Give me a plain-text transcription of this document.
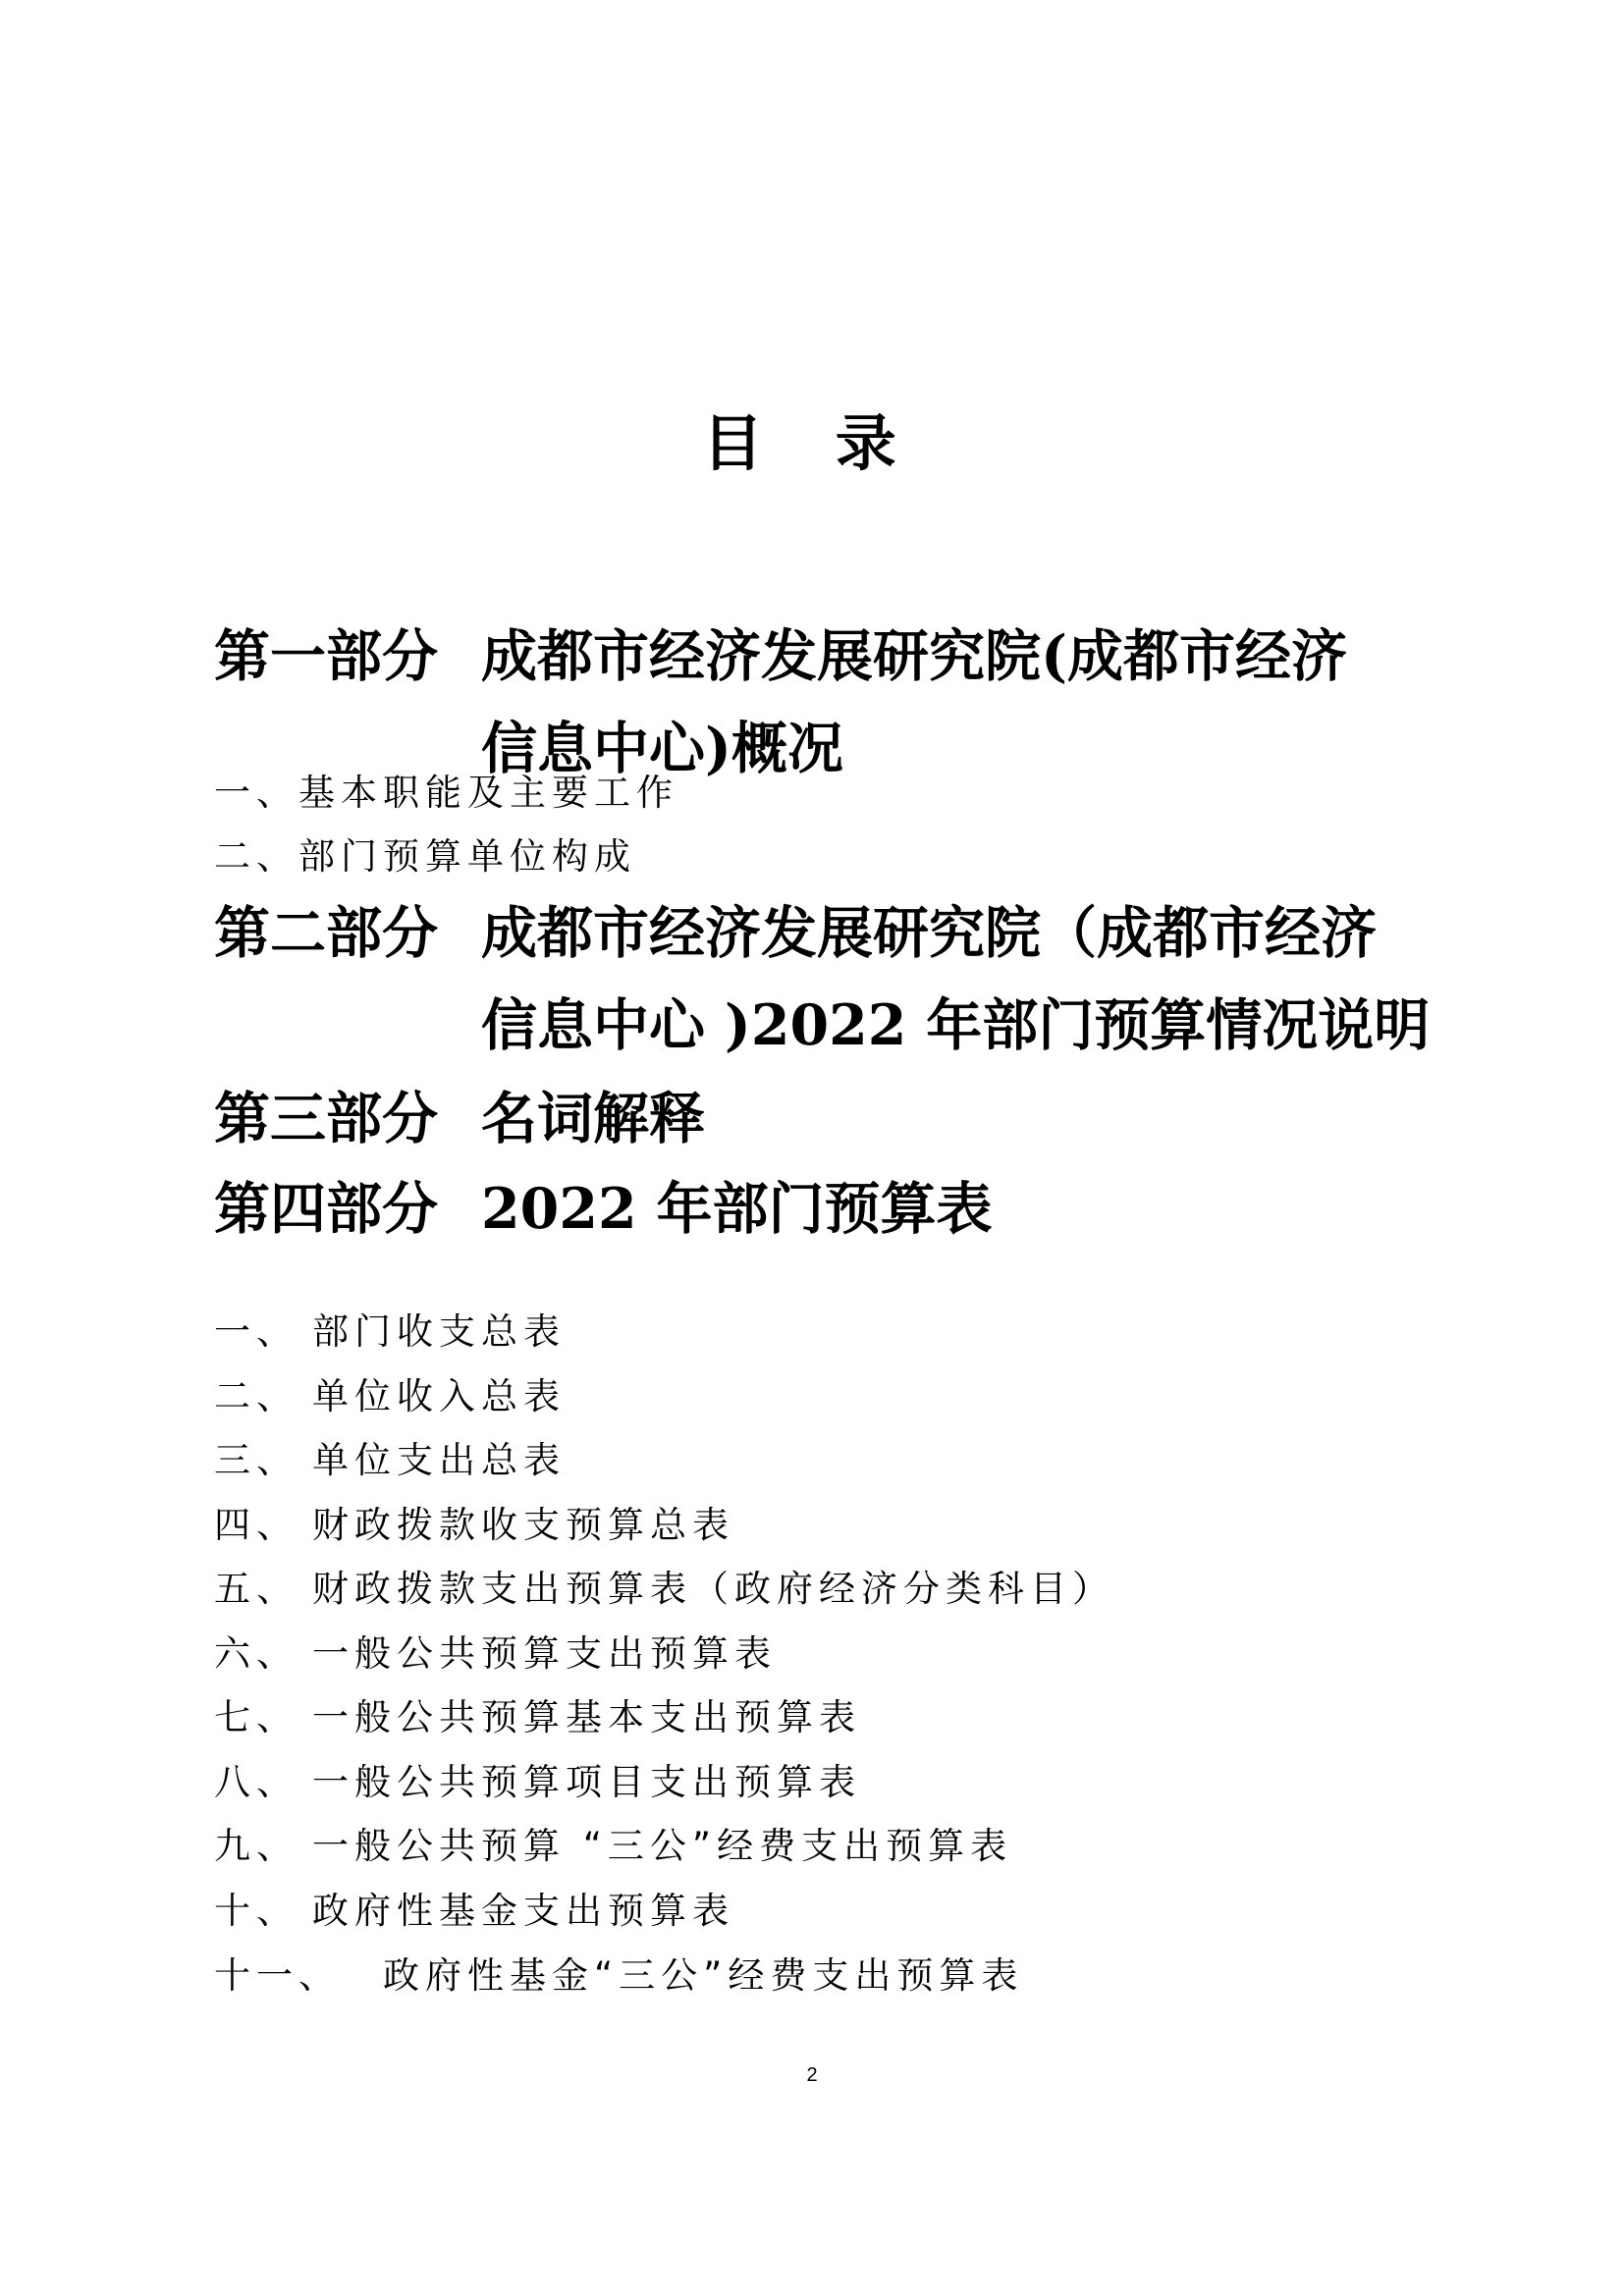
目 录
第一部分 成都市经济发展研究院(成都市经济
信息中心)概况
一、基本职能及主要工作
二、部门预算单位构成
第二部分 成都市经济发展研究院（成都市经济
信息中心 )2022 年部门预算情况说明
第三部分 名词解释
第四部分 2022 年部门预算表
一、 部门收支总表
二、 单位收入总表
三、 单位支出总表
四、 财政拨款收支预算总表
五、 财政拨款支出预算表（政府经济分类科目）
六、 一般公共预算支出预算表
七、 一般公共预算基本支出预算表
八、 一般公共预算项目支出预算表
九、 一般公共预算 “三公”经费支出预算表
十、 政府性基金支出预算表
十一、 政府性基金“三公”经费支出预算表
2
